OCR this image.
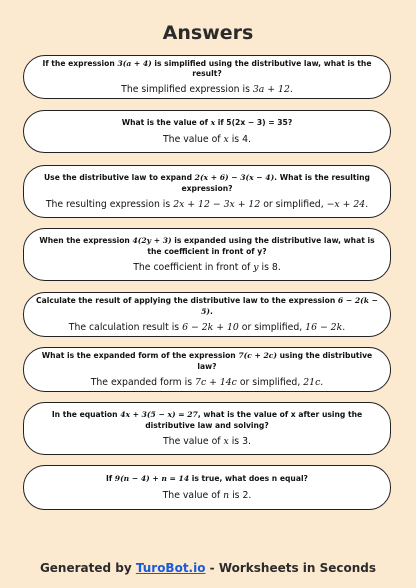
Answers
If the expression 3(a + 4) is simplified using the distributive law, what is the result?
The simplified expression is 3a + 12.
What is the value of x if 5(2x − 3) = 35?
The value of x is 4.
Use the distributive law to expand 2(x + 6) − 3(x − 4). What is the resulting expression?
The resulting expression is 2x + 12 − 3x + 12 or simplified, −x + 24.
When the expression 4(2y + 3) is expanded using the distributive law, what is the coefficient in front of y?
The coefficient in front of y is 8.
Calculate the result of applying the distributive law to the expression 6 − 2(k − 5).
The calculation result is 6 − 2k + 10 or simplified, 16 − 2k.
What is the expanded form of the expression 7(c + 2c) using the distributive law?
The expanded form is 7c + 14c or simplified, 21c.
In the equation 4x + 3(5 − x) = 27, what is the value of x after using the distributive law and solving?
The value of x is 3.
If 9(n − 4) + n = 14 is true, what does n equal?
The value of n is 2.
Generated by TuroBot.io - Worksheets in Seconds
